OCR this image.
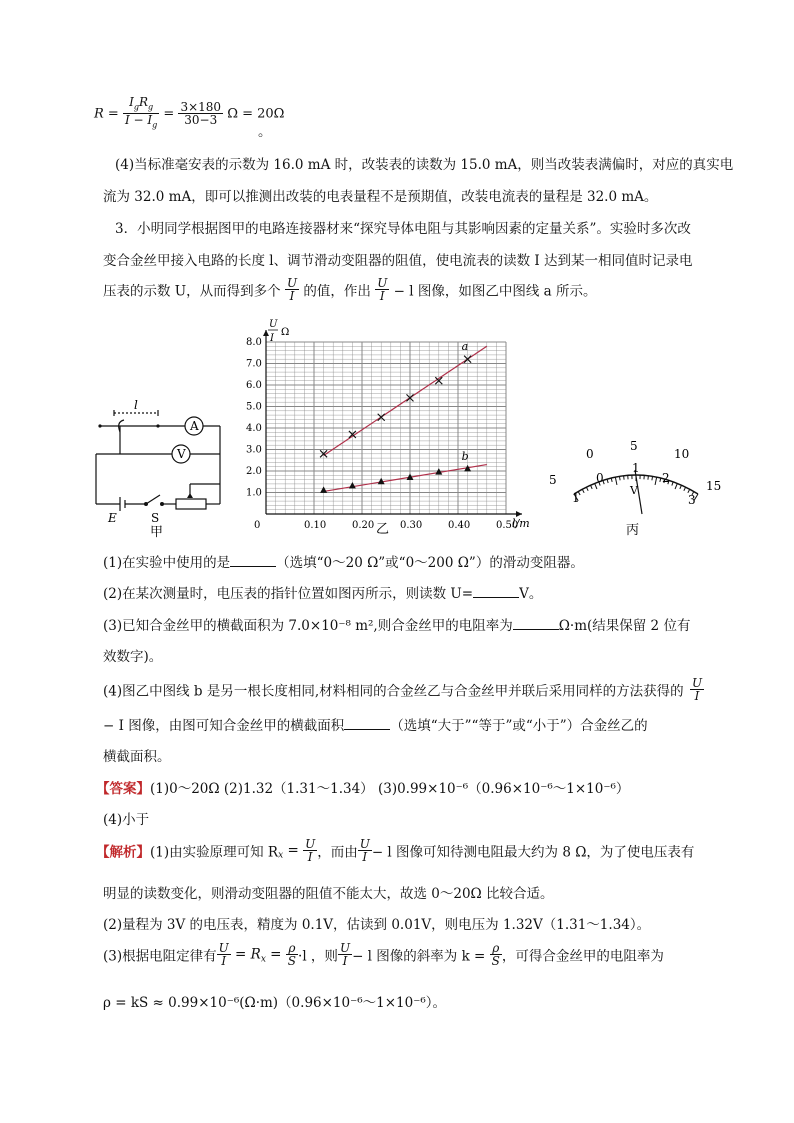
$R = \frac{I_gR_g}{I - I_g} = \frac{3\times 180}{30-3}$ Ω = 20Ω
。
(4)当标准毫安表的示数为 16.0 mA 时，改装表的读数为 15.0 mA，则当改装表满偏时，对应的真实电
流为 32.0 mA，即可以推测出改装的电表量程不是预期值，改装电流表的量程是 32.0 mA。
3．小明同学根据图甲的电路连接器材来“探究导体电阻与其影响因素的定量关系”。实验时多次改
变合金丝甲接入电路的长度 l、调节滑动变阻器的阻值，使电流表的读数 I 达到某一相同值时记录电
压表的示数 U，从而得到多个 $\frac{U}{I}$ 的值，作出 $\frac{U}{I} - l$ 图像，如图乙中图线 a 所示。
A
V
l
E	S
甲	0.10	0.20	0.30	0.40	0.50
1.0
2.0
3.0
4.0
5.0
6.0
7.0
8.0
0	l/m
U
I
Ω
乙
a
b
5
0
5
10
15
1
0
1
2
3
V
丙
(1)在实验中使用的是	（选填“0～20 Ω”或“0～200 Ω”）的滑动变阻器。
(2)在某次测量时，电压表的指针位置如图丙所示，则读数 U=	V。
(3)已知合金丝甲的横截面积为 7.0×10⁻⁸ m²,则合金丝甲的电阻率为	Ω·m(结果保留 2 位有
效数字)。
(4)图乙中图线 b 是另一根长度相同,材料相同的合金丝乙与合金丝甲并联后采用同样的方法获得的 $\frac{U}{I}$
− I 图像，由图可知合金丝甲的横截面积	（选填“大于”“等于”或“小于”）合金丝乙的
横截面积。
【答案】(1)0～20Ω (2)1.32（1.31～1.34） (3)0.99×10⁻⁶（0.96×10⁻⁶～1×10⁻⁶）
(4)小于
【解析】(1)由实验原理可知 $R_x = \frac{U}{I}$ ，而由 $\frac{U}{I} - l$ 图像可知待测电阻最大约为 8 Ω，为了使电压表有
明显的读数变化，则滑动变阻器的阻值不能太大，故选 0～20Ω 比较合适。
(2)量程为 3V 的电压表，精度为 0.1V，估读到 0.01V，则电压为 1.32V（1.31～1.34）。
(3)根据电阻定律有 $\frac{U}{I} = R_x = \frac{\rho}{S} \cdot l$ ，则 $\frac{U}{I} - l$ 图像的斜率为 $k = \frac{\rho}{S}$ ，可得合金丝甲的电阻率为
ρ = kS ≈ 0.99×10⁻⁶(Ω·m)（0.96×10⁻⁶～1×10⁻⁶）。
